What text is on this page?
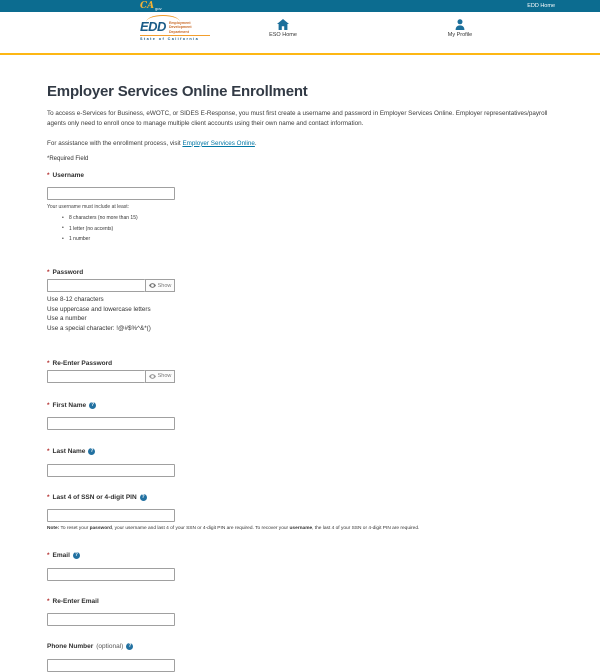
CA gov	EDD Home
EDD Employment
Development
Department
State of California
ESO Home	My Profile
Employer Services Online Enrollment

To access e-Services for Business, eWOTC, or SIDES E-Response, you must first create a username and password in Employer Services Online. Employer representatives/payroll agents only need to enroll once to manage multiple client accounts using their own name and contact information.

For assistance with the enrollment process, visit Employer Services Online.
*Required Field
* Username
Your username must include at least:
• 8 characters (no more than 15)
• 1 letter (no accents)
• 1 number
* Password
Show
Use 8-12 characters
Use uppercase and lowercase letters
Use a number
Use a special character: !@#$%^&*()
* Re-Enter Password
Show
* First Name ?
* Last Name ?
* Last 4 of SSN or 4-digit PIN ?
Note: To reset your password, your username and last 4 of your SSN or 4-digit PIN are required. To recover your username, the last 4 of your SSN or 4-digit PIN are required.
* Email ?
* Re-Enter Email
Phone Number (optional) ?
